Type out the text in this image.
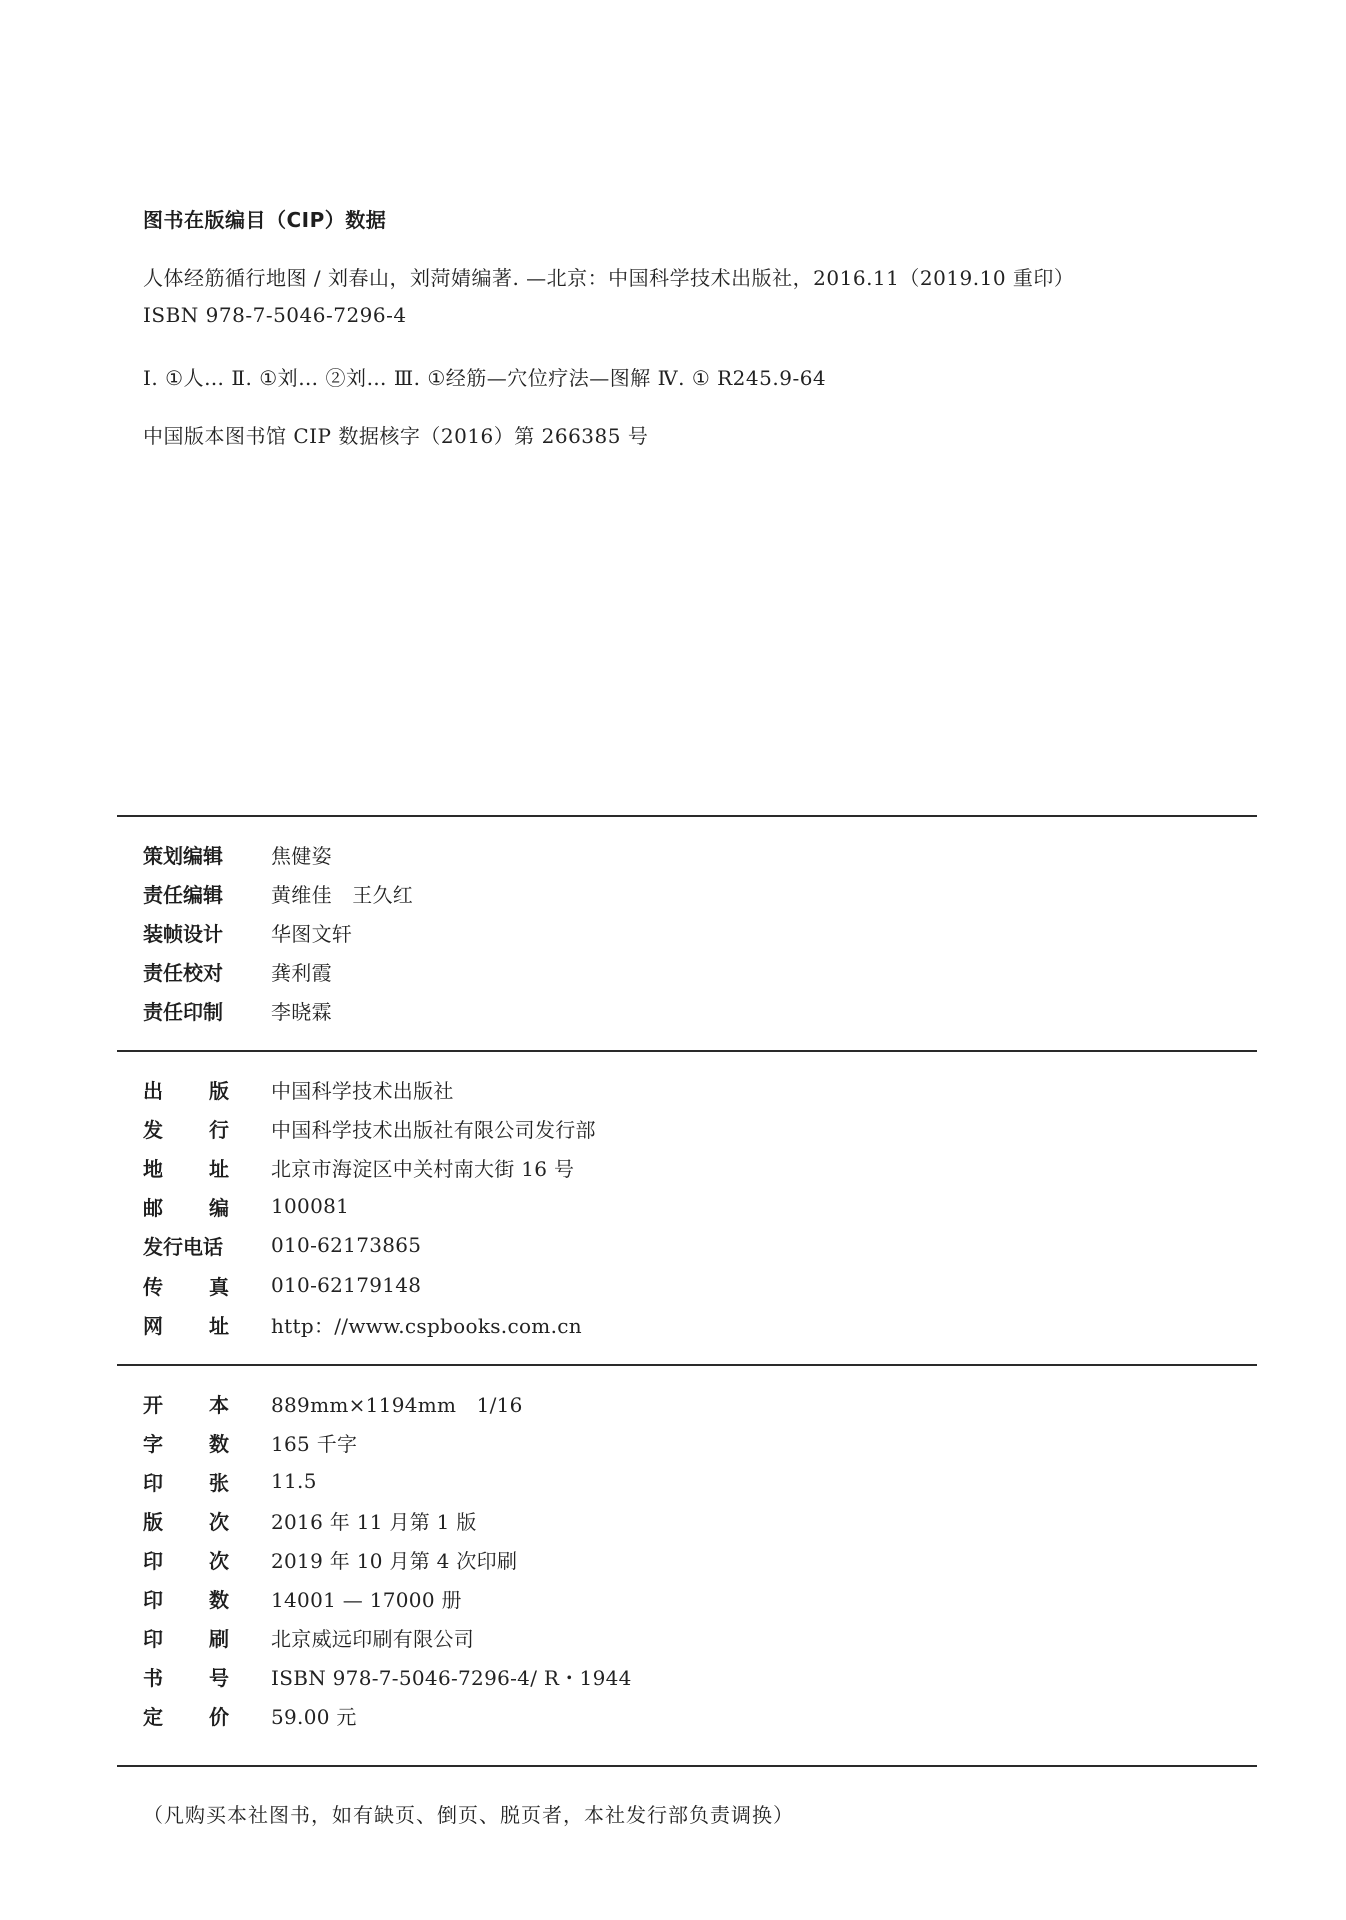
图书在版编目（CIP）数据
人体经筋循行地图 / 刘春山，刘菏婧编著. —北京：中国科学技术出版社，2016.11（2019.10 重印）
ISBN 978-7-5046-7296-4
Ⅰ. ①人… Ⅱ. ①刘… ②刘… Ⅲ. ①经筋—穴位疗法—图解 Ⅳ. ① R245.9-64
中国版本图书馆 CIP 数据核字（2016）第 266385 号
策划编辑	焦健姿
责任编辑	黄维佳　王久红
装帧设计	华图文轩
责任校对	龚利霞
责任印制	李晓霖
出 版 中国科学技术出版社
发 行 中国科学技术出版社有限公司发行部
地 址 北京市海淀区中关村南大街 16 号
邮 编 100081
发行电话	010-62173865
传 真 010-62179148
网 址 http：//www.cspbooks.com.cn
开 本 889mm×1194mm　1/16
字 数 165 千字
印 张 11.5
版 次 2016 年 11 月第 1 版
印 次 2019 年 10 月第 4 次印刷
印 数 14001 — 17000 册
印 刷 北京威远印刷有限公司
书 号 ISBN 978-7-5046-7296-4/ R・1944
定 价 59.00 元
（凡购买本社图书，如有缺页、倒页、脱页者，本社发行部负责调换）
